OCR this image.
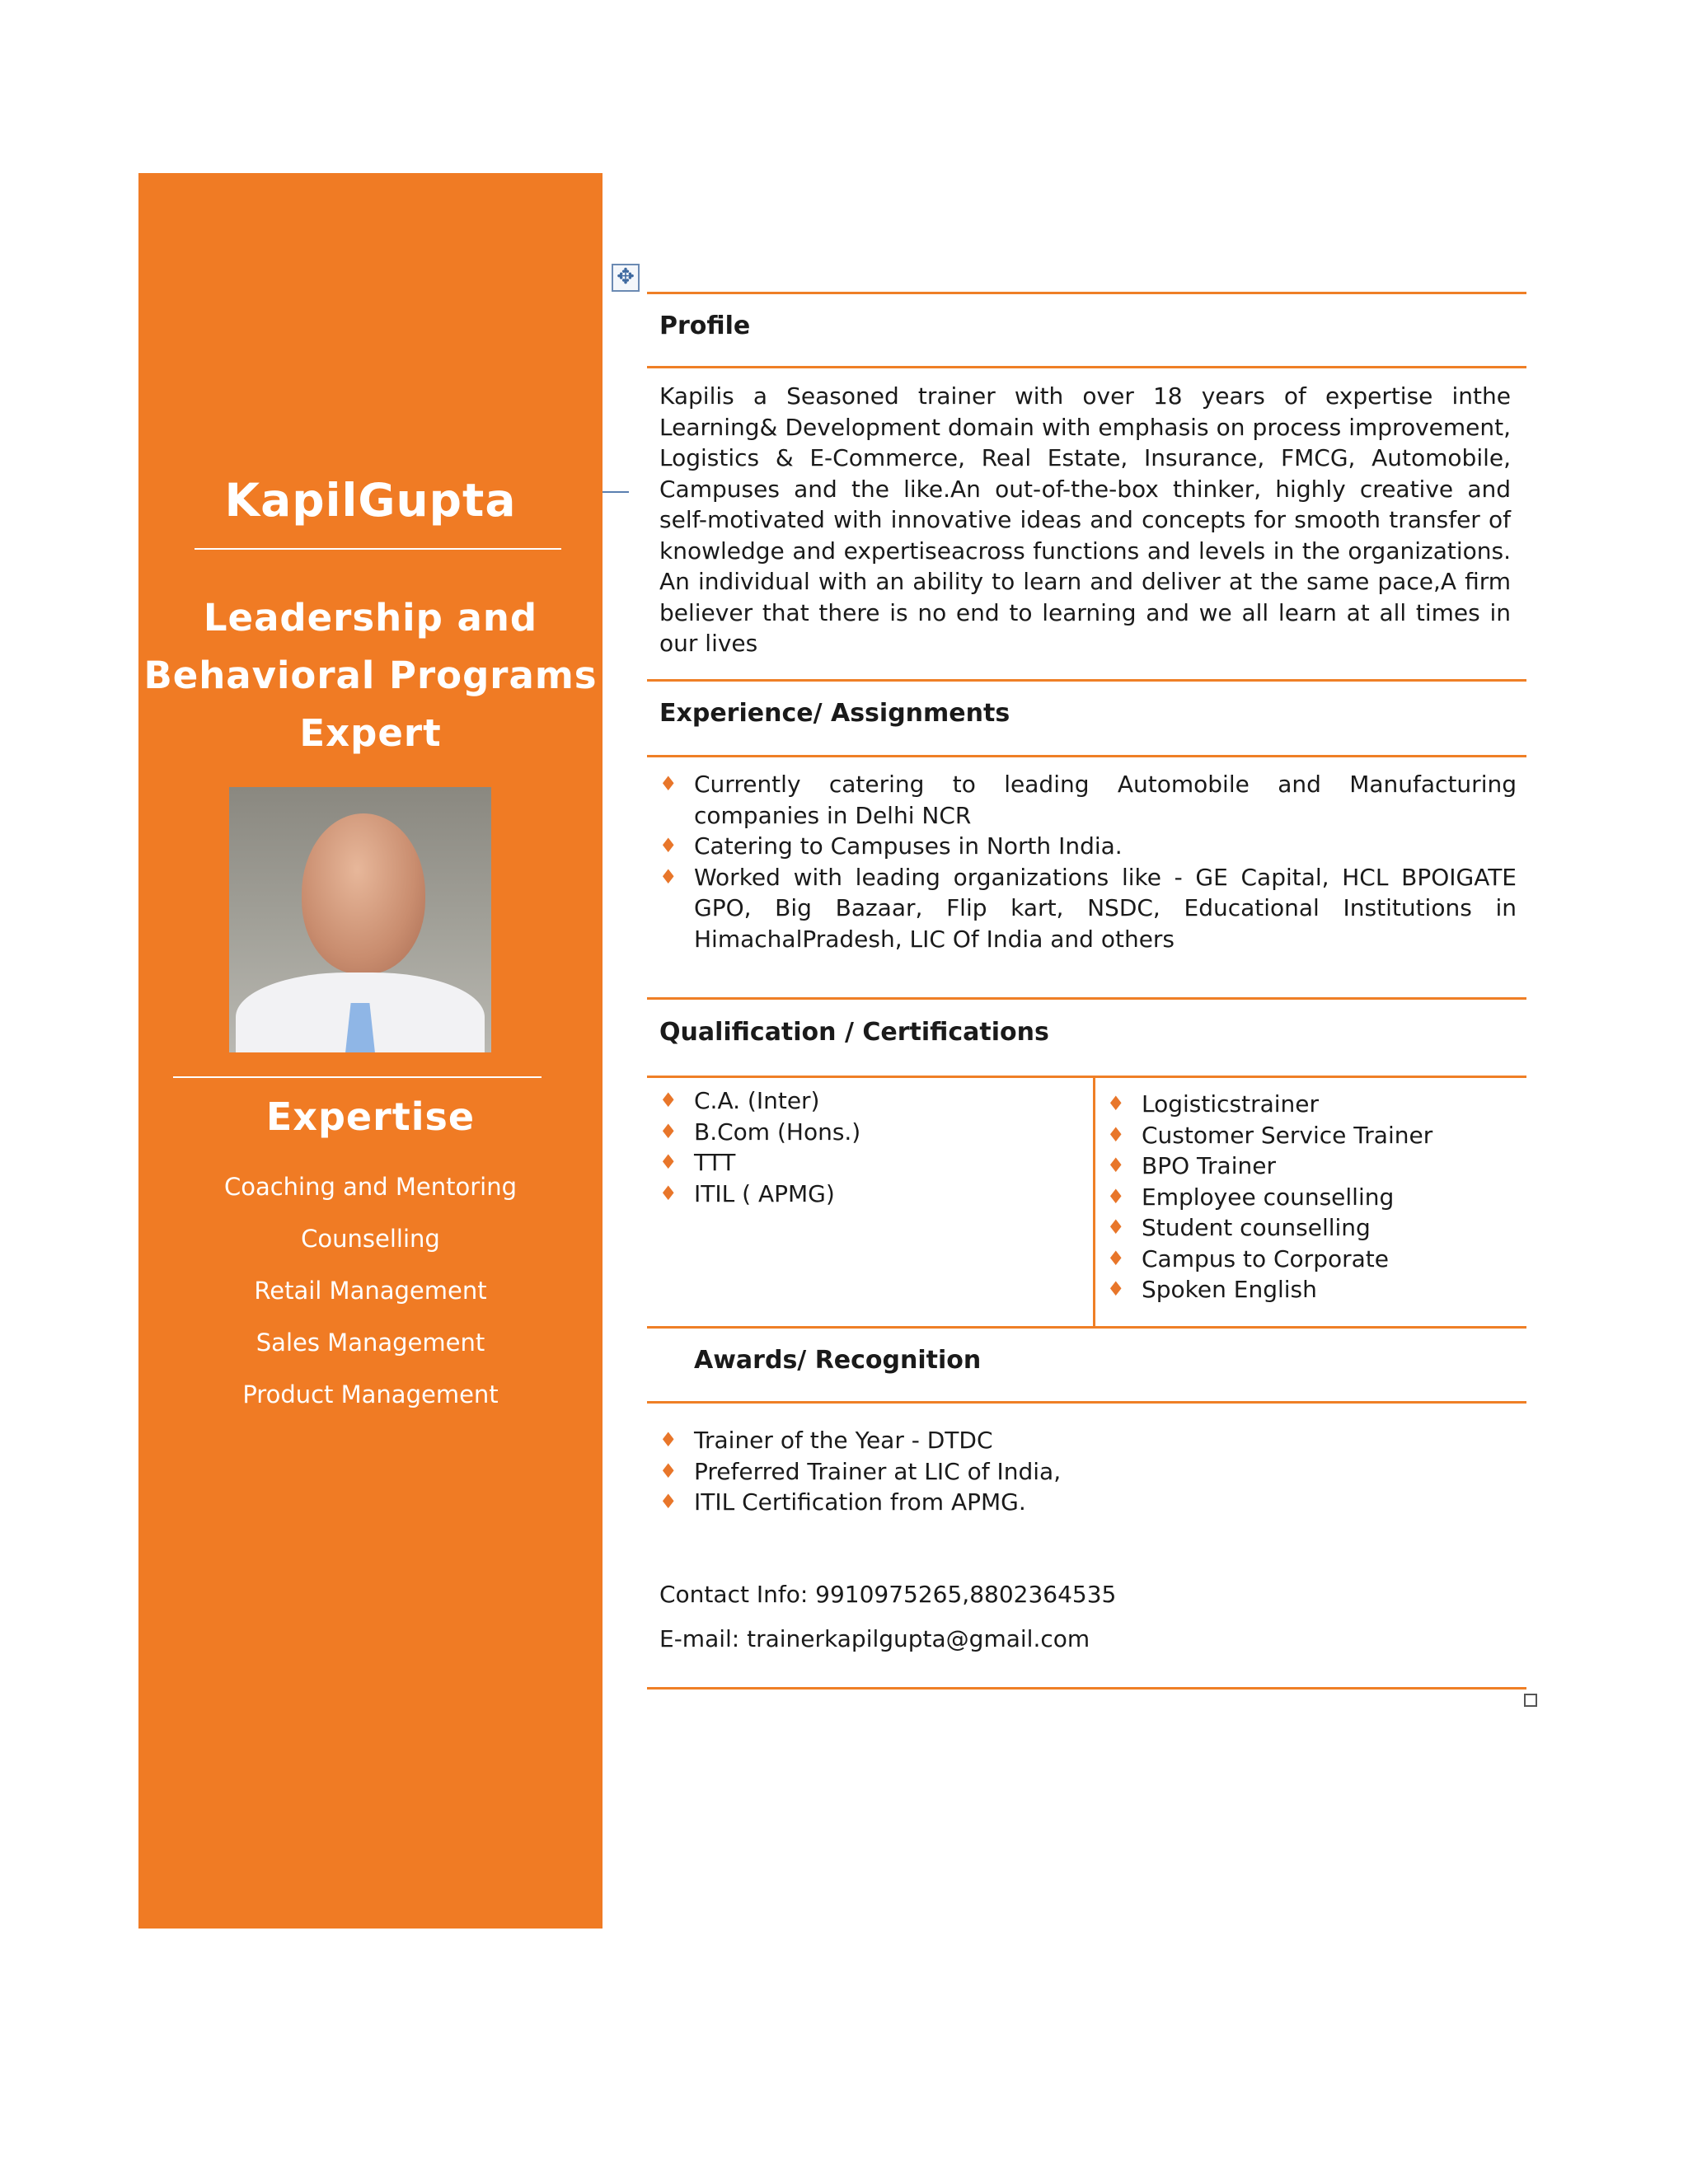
KapilGupta
Leadership and
Behavioral Programs
Expert
Expertise
Coaching and Mentoring
Counselling
Retail Management
Sales Management
Product Management
✥
Profile
Kapilis a Seasoned trainer with over 18 years of expertise inthe Learning& Development domain with emphasis on process improvement, Logistics & E-Commerce, Real Estate, Insurance, FMCG, Automobile, Campuses and the like.An out-of-the-box thinker, highly creative and self-motivated with innovative ideas and concepts for smooth transfer of knowledge and expertiseacross functions and levels in the organizations. An individual with an ability to learn and deliver at the same pace,A firm believer that there is no end to learning and we all learn at all times in our lives
Experience/ Assignments
♦ Currently catering to leading Automobile and Manufacturing companies in Delhi NCR
♦ Catering to Campuses in North India.
♦ Worked with leading organizations like - GE Capital, HCL BPOIGATE GPO, Big Bazaar, Flip kart, NSDC, Educational Institutions in HimachalPradesh, LIC Of India and others
Qualification / Certifications
♦ C.A. (Inter)
♦ B.Com (Hons.)
♦ TTT
♦ ITIL ( APMG)
♦ Logisticstrainer
♦ Customer Service Trainer
♦ BPO Trainer
♦ Employee counselling
♦ Student counselling
♦ Campus to Corporate
♦ Spoken English
Awards/ Recognition
♦ Trainer of the Year - DTDC
♦ Preferred Trainer at LIC of India,
♦ ITIL Certification from APMG.
Contact Info: 9910975265,8802364535
E-mail: trainerkapilgupta@gmail.com
